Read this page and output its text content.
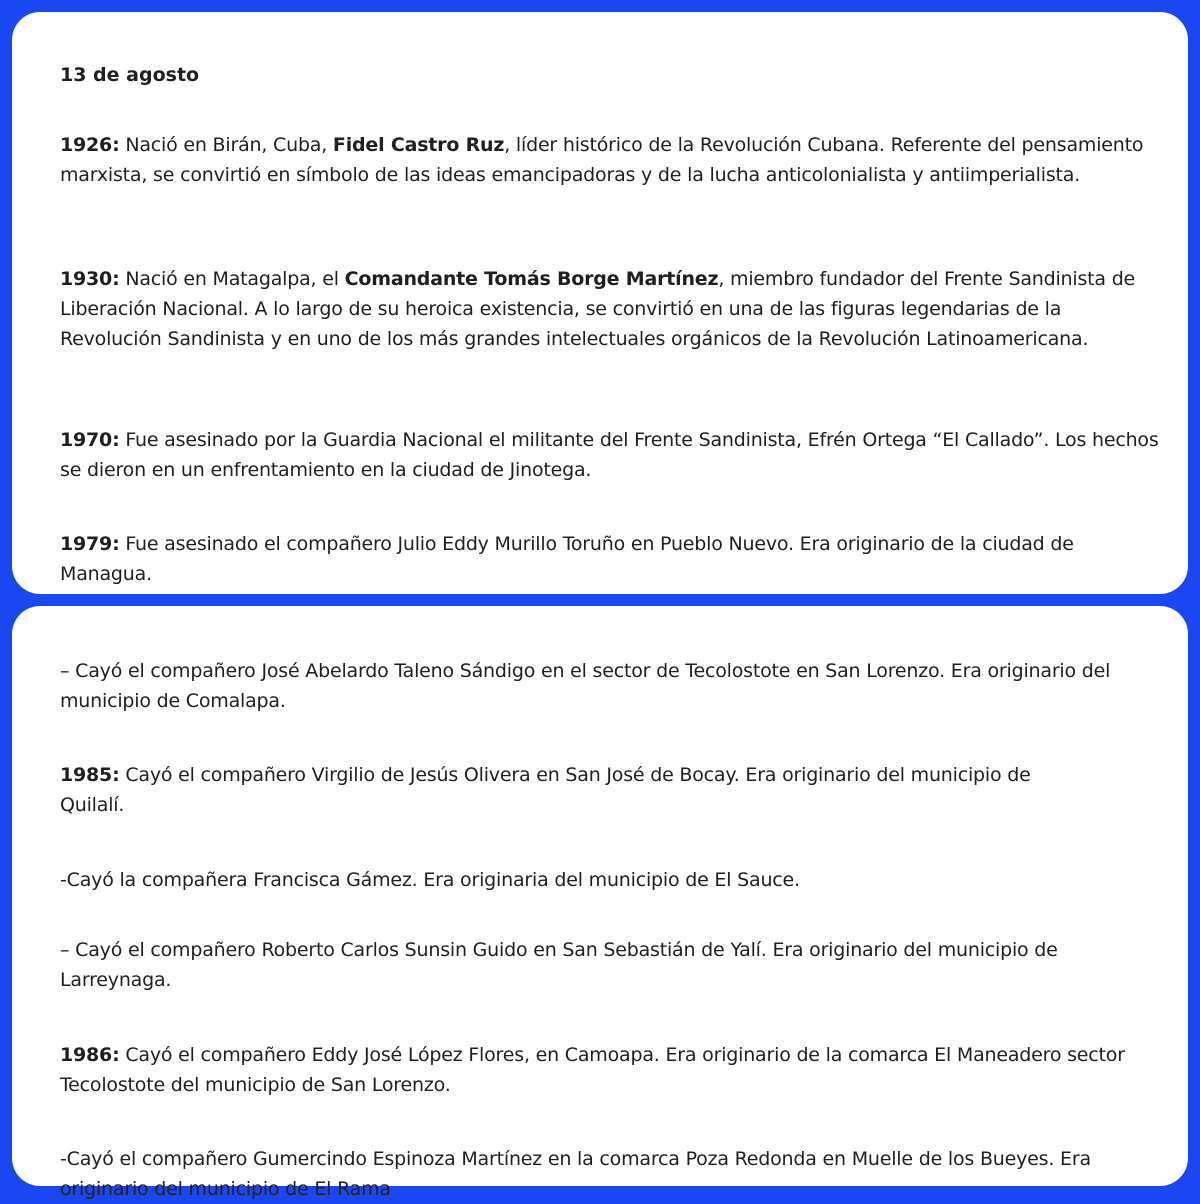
13 de agosto

1926: Nació en Birán, Cuba, Fidel Castro Ruz, líder histórico de la Revolución Cubana. Referente del pensamiento marxista, se convirtió en símbolo de las ideas emancipadoras y de la lucha anticolonialista y antiimperialista.

1930: Nació en Matagalpa, el Comandante Tomás Borge Martínez, miembro fundador del Frente Sandinista de Liberación Nacional. A lo largo de su heroica existencia, se convirtió en una de las figuras legendarias de la Revolución Sandinista y en uno de los más grandes intelectuales orgánicos de la Revolución Latinoamericana.

1970: Fue asesinado por la Guardia Nacional el militante del Frente Sandinista, Efrén Ortega “El Callado”. Los hechos se dieron en un enfrentamiento en la ciudad de Jinotega.

1979: Fue asesinado el compañero Julio Eddy Murillo Toruño en Pueblo Nuevo. Era originario de la ciudad de Managua.

– Cayó el compañero José Abelardo Taleno Sándigo en el sector de Tecolostote en San Lorenzo. Era originario del municipio de Comalapa.

1985: Cayó el compañero Virgilio de Jesús Olivera en San José de Bocay. Era originario del municipio de Quilalí.

-Cayó la compañera Francisca Gámez. Era originaria del municipio de El Sauce.

– Cayó el compañero Roberto Carlos Sunsin Guido en San Sebastián de Yalí. Era originario del municipio de Larreynaga.

1986: Cayó el compañero Eddy José López Flores, en Camoapa. Era originario de la comarca El Maneadero sector Tecolostote del municipio de San Lorenzo.

-Cayó el compañero Gumercindo Espinoza Martínez en la comarca Poza Redonda en Muelle de los Bueyes. Era originario del municipio de El Rama
